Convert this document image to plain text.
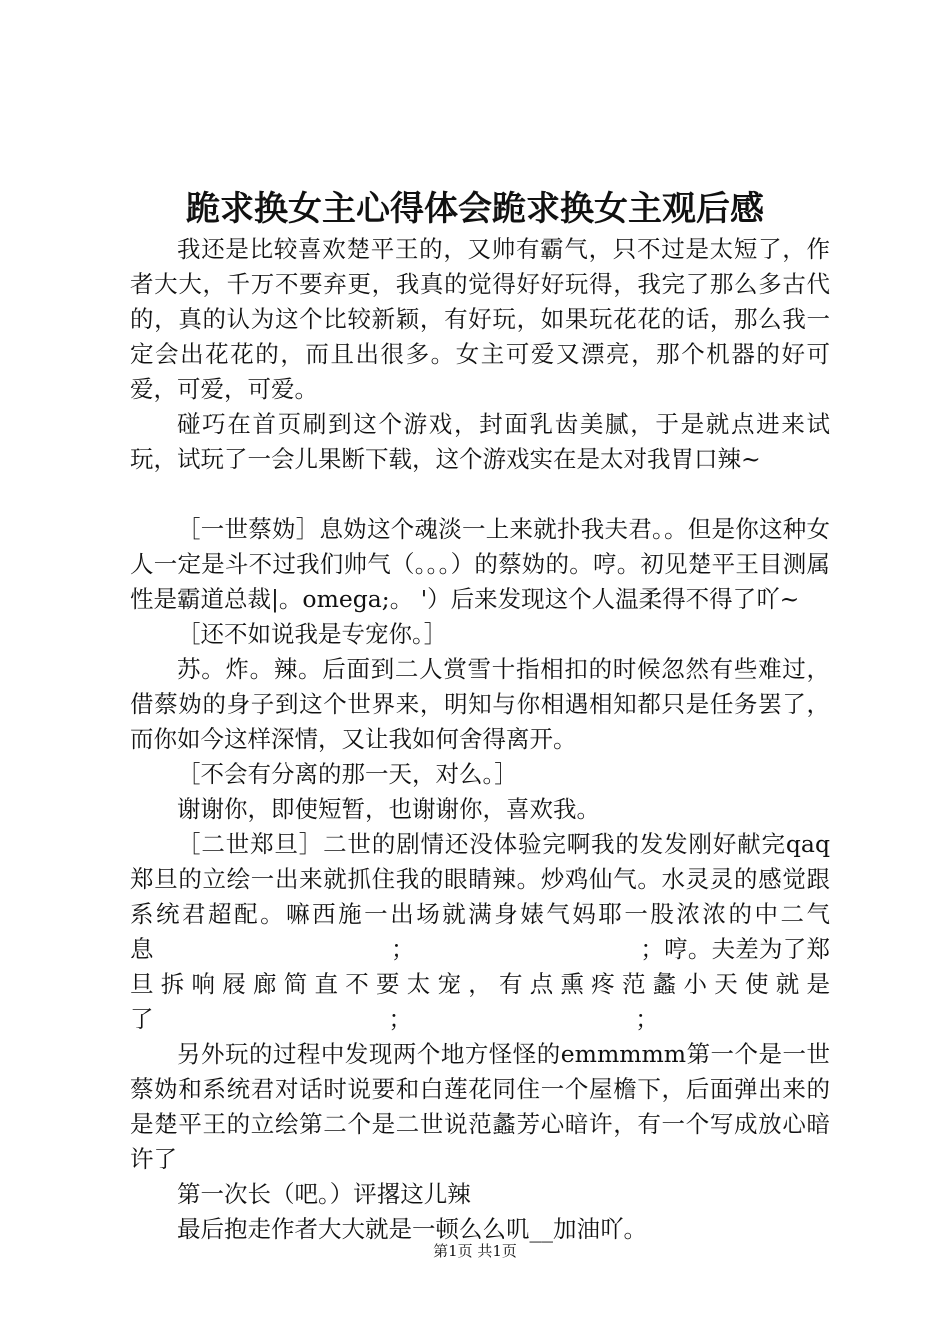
跪求换女主心得体会跪求换女主观后感

我还是比较喜欢楚平王的，又帅有霸气，只不过是太短了，作者大大，千万不要弃更，我真的觉得好好玩得，我完了那么多古代的，真的认为这个比较新颖，有好玩，如果玩花花的话，那么我一定会出花花的，而且出很多。女主可爱又漂亮，那个机器的好可爱，可爱，可爱。

碰巧在首页刷到这个游戏，封面乳齿美腻，于是就点进来试玩，试玩了一会儿果断下载，这个游戏实在是太对我胃口辣~

［一世蔡妫］息妫这个魂淡一上来就扑我夫君。。但是你这种女人一定是斗不过我们帅气（。。。）的蔡妫的。哼。初见楚平王目测属性是霸道总裁|。omega;。 '）后来发现这个人温柔得不得了吖~

［还不如说我是专宠你。］

苏。炸。辣。后面到二人赏雪十指相扣的时候忽然有些难过，借蔡妫的身子到这个世界来，明知与你相遇相知都只是任务罢了，而你如今这样深情，又让我如何舍得离开。

［不会有分离的那一天，对么。］

谢谢你，即使短暂，也谢谢你，喜欢我。

［二世郑旦］二世的剧情还没体验完啊我的发发刚好献完qaq郑旦的立绘一出来就抓住我的眼睛辣。炒鸡仙气。水灵灵的感觉跟系统君超配。嘛西施一出场就满身婊气妈耶一股浓浓的中二气息　　　　　　　　　　；　　　　　　　　　　；哼。夫差为了郑旦拆响屐廊简直不要太宠，有点熏疼范蠡小天使就是了　　　　　　　　　　；　　　　　　　　　　；

另外玩的过程中发现两个地方怪怪的emmmmm第一个是一世蔡妫和系统君对话时说要和白莲花同住一个屋檐下，后面弹出来的是楚平王的立绘第二个是二世说范蠡芳心暗许，有一个写成放心暗许了

第一次长（吧。）评撂这儿辣

最后抱走作者大大就是一顿么么叽__加油吖。

第1页 共1页
